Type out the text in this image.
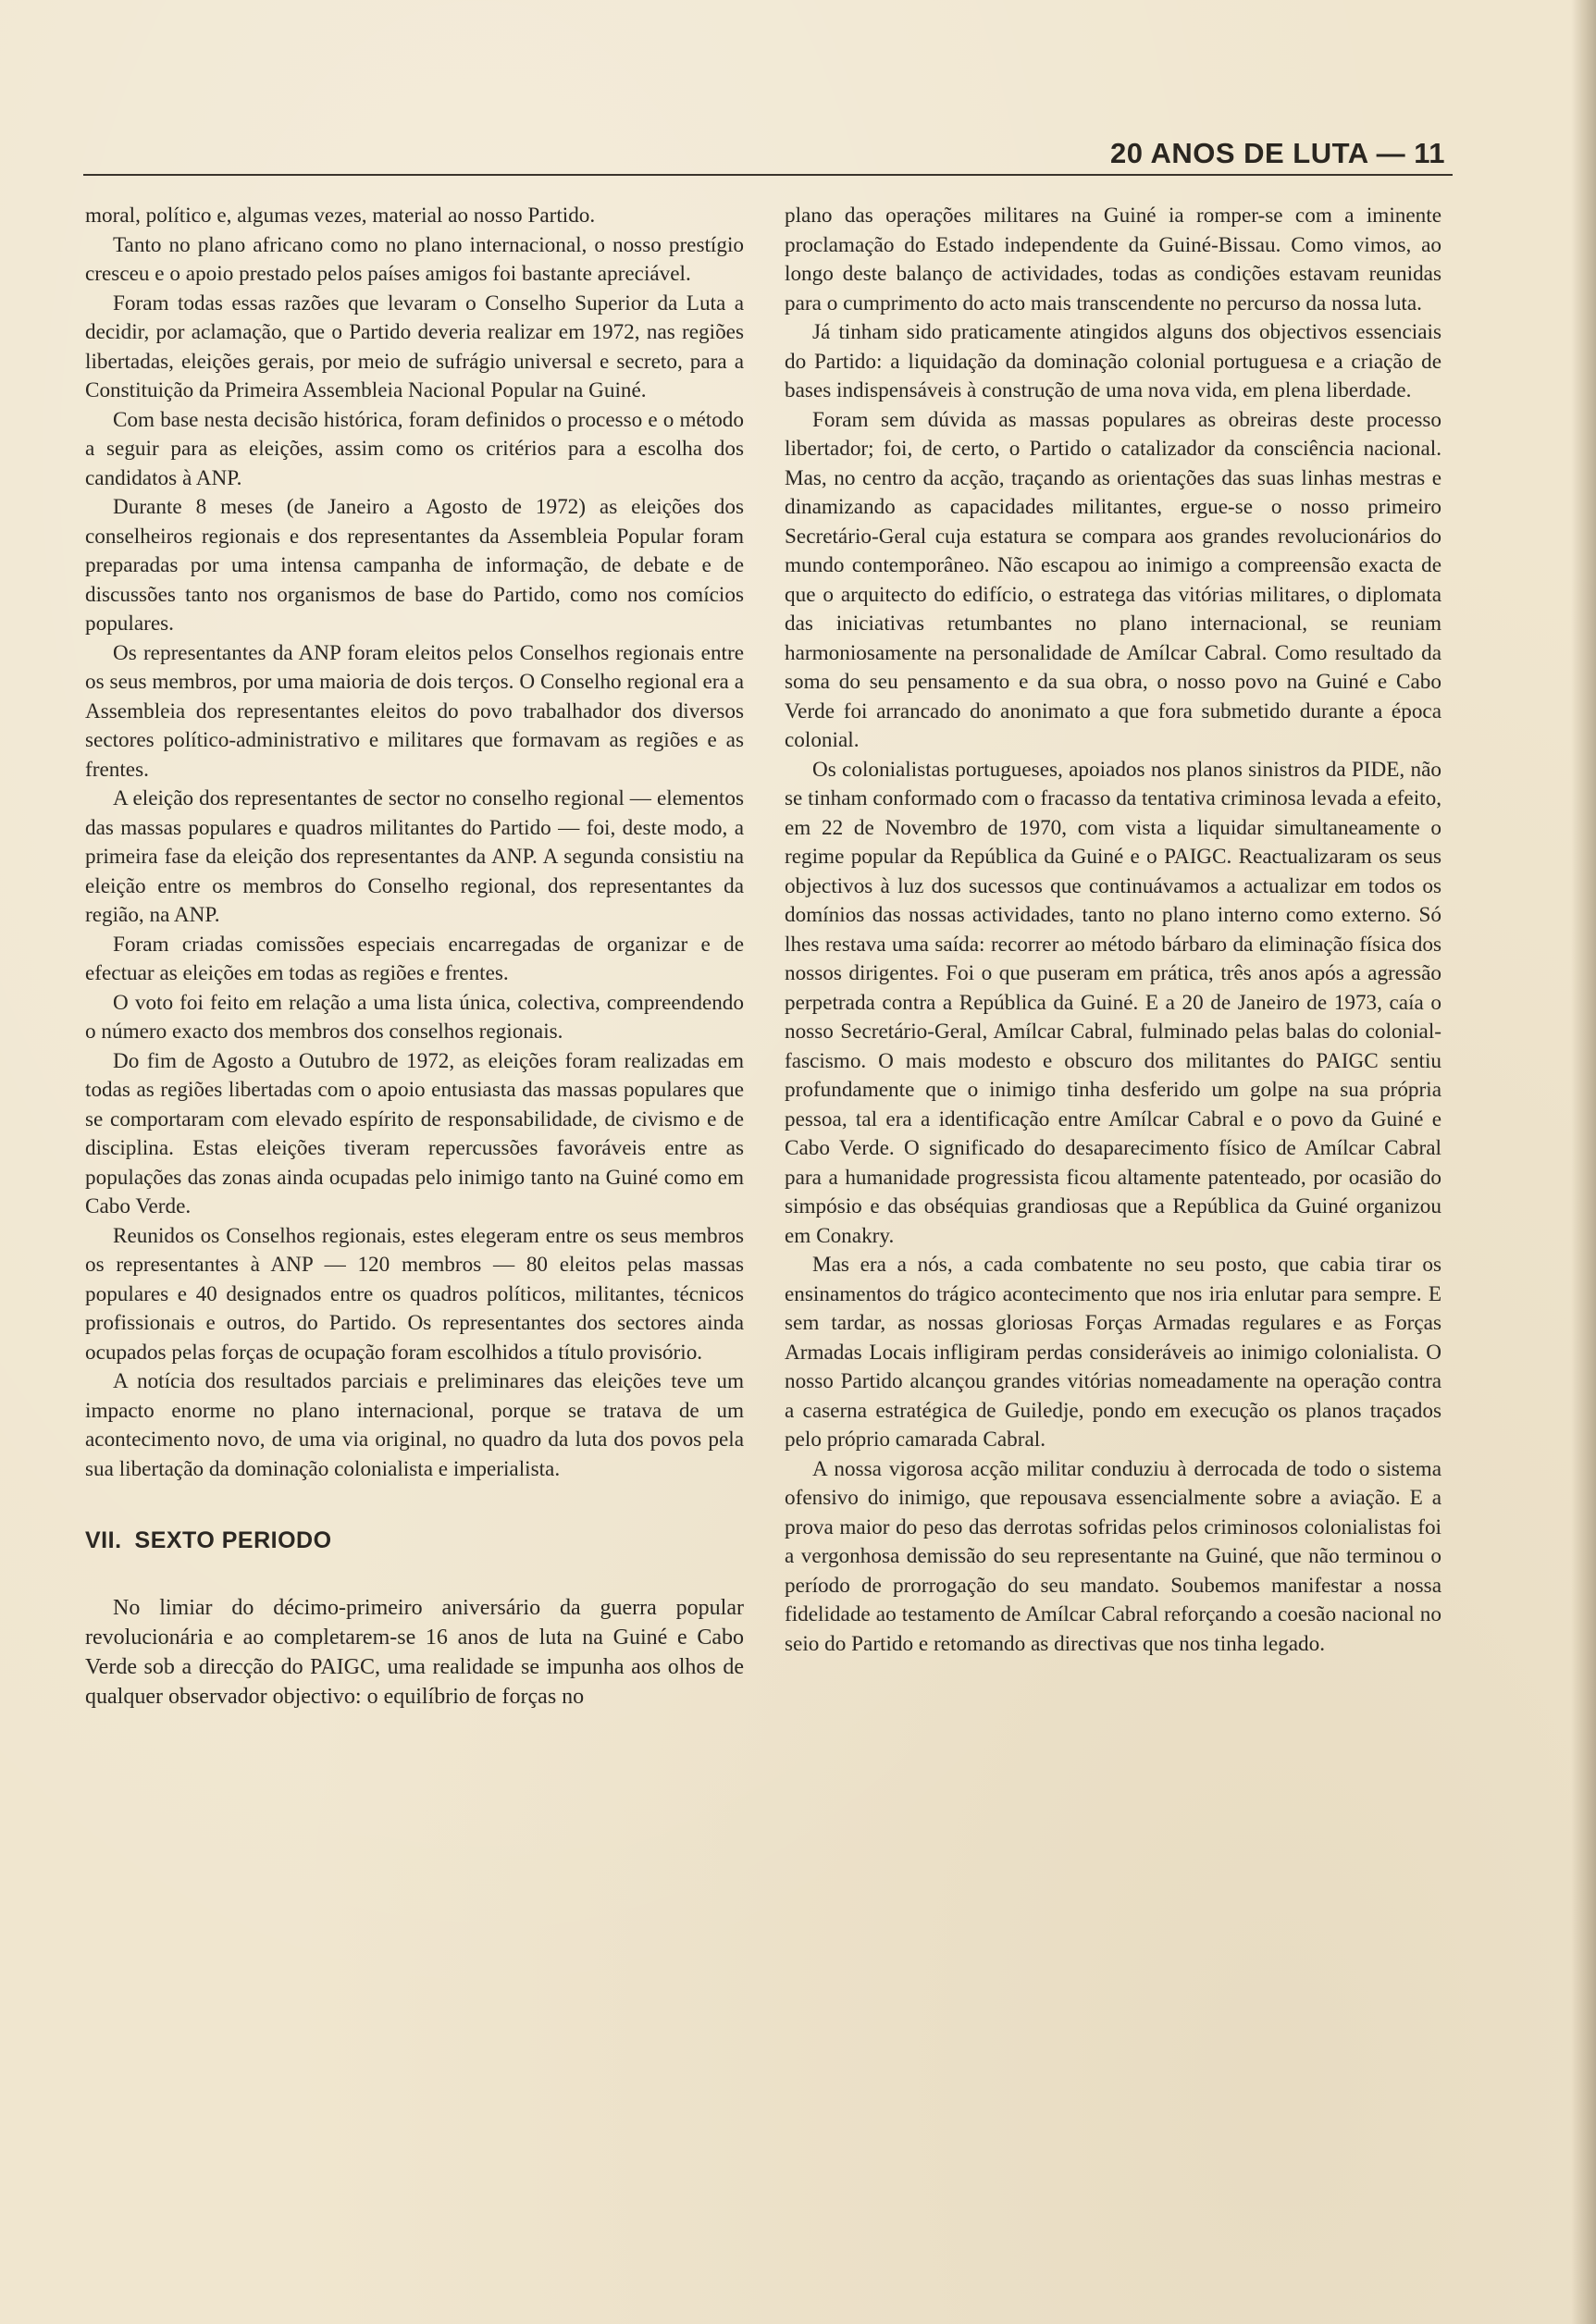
20 ANOS DE LUTA — 11

moral, político e, algumas vezes, material ao nosso Partido.

Tanto no plano africano como no plano internacional, o nosso prestígio cresceu e o apoio prestado pelos países amigos foi bastante apreciável.

Foram todas essas razões que levaram o Conselho Superior da Luta a decidir, por aclamação, que o Partido deveria realizar em 1972, nas regiões libertadas, eleições gerais, por meio de sufrágio universal e secreto, para a Constituição da Primeira Assembleia Nacional Popular na Guiné.

Com base nesta decisão histórica, foram definidos o processo e o método a seguir para as eleições, assim como os critérios para a escolha dos candidatos à ANP.

Durante 8 meses (de Janeiro a Agosto de 1972) as eleições dos conselheiros regionais e dos representantes da Assembleia Popular foram preparadas por uma intensa campanha de informação, de debate e de discussões tanto nos organismos de base do Partido, como nos comícios populares.

Os representantes da ANP foram eleitos pelos Conselhos regionais entre os seus membros, por uma maioria de dois terços. O Conselho regional era a Assembleia dos representantes eleitos do povo trabalhador dos diversos sectores político-administrativo e militares que formavam as regiões e as frentes.

A eleição dos representantes de sector no conselho regional — elementos das massas populares e quadros militantes do Partido — foi, deste modo, a primeira fase da eleição dos representantes da ANP. A segunda consistiu na eleição entre os membros do Conselho regional, dos representantes da região, na ANP.

Foram criadas comissões especiais encarregadas de organizar e de efectuar as eleições em todas as regiões e frentes.

O voto foi feito em relação a uma lista única, colectiva, compreendendo o número exacto dos membros dos conselhos regionais.

Do fim de Agosto a Outubro de 1972, as eleições foram realizadas em todas as regiões libertadas com o apoio entusiasta das massas populares que se comportaram com elevado espírito de responsabilidade, de civismo e de disciplina. Estas eleições tiveram repercussões favoráveis entre as populações das zonas ainda ocupadas pelo inimigo tanto na Guiné como em Cabo Verde.

Reunidos os Conselhos regionais, estes elegeram entre os seus membros os representantes à ANP — 120 membros — 80 eleitos pelas massas populares e 40 designados entre os quadros políticos, militantes, técnicos profissionais e outros, do Partido. Os representantes dos sectores ainda ocupados pelas forças de ocupação foram escolhidos a título provisório.

A notícia dos resultados parciais e preliminares das eleições teve um impacto enorme no plano internacional, porque se tratava de um acontecimento novo, de uma via original, no quadro da luta dos povos pela sua libertação da dominação colonialista e imperialista.

VII. SEXTO PERIODO

No limiar do décimo-primeiro aniversário da guerra popular revolucionária e ao completarem-se 16 anos de luta na Guiné e Cabo Verde sob a direcção do PAIGC, uma realidade se impunha aos olhos de qualquer observador objectivo: o equilíbrio de forças no

plano das operações militares na Guiné ia romper-se com a iminente proclamação do Estado independente da Guiné-Bissau. Como vimos, ao longo deste balanço de actividades, todas as condições estavam reunidas para o cumprimento do acto mais transcendente no percurso da nossa luta.

Já tinham sido praticamente atingidos alguns dos objectivos essenciais do Partido: a liquidação da dominação colonial portuguesa e a criação de bases indispensáveis à construção de uma nova vida, em plena liberdade.

Foram sem dúvida as massas populares as obreiras deste processo libertador; foi, de certo, o Partido o catalizador da consciência nacional. Mas, no centro da acção, traçando as orientações das suas linhas mestras e dinamizando as capacidades militantes, ergue-se o nosso primeiro Secretário-Geral cuja estatura se compara aos grandes revolucionários do mundo contemporâneo. Não escapou ao inimigo a compreensão exacta de que o arquitecto do edifício, o estratega das vitórias militares, o diplomata das iniciativas retumbantes no plano internacional, se reuniam harmoniosamente na personalidade de Amílcar Cabral. Como resultado da soma do seu pensamento e da sua obra, o nosso povo na Guiné e Cabo Verde foi arrancado do anonimato a que fora submetido durante a época colonial.

Os colonialistas portugueses, apoiados nos planos sinistros da PIDE, não se tinham conformado com o fracasso da tentativa criminosa levada a efeito, em 22 de Novembro de 1970, com vista a liquidar simultaneamente o regime popular da República da Guiné e o PAIGC. Reactualizaram os seus objectivos à luz dos sucessos que continuávamos a actualizar em todos os domínios das nossas actividades, tanto no plano interno como externo. Só lhes restava uma saída: recorrer ao método bárbaro da eliminação física dos nossos dirigentes. Foi o que puseram em prática, três anos após a agressão perpetrada contra a República da Guiné. E a 20 de Janeiro de 1973, caía o nosso Secretário-Geral, Amílcar Cabral, fulminado pelas balas do colonial-fascismo. O mais modesto e obscuro dos militantes do PAIGC sentiu profundamente que o inimigo tinha desferido um golpe na sua própria pessoa, tal era a identificação entre Amílcar Cabral e o povo da Guiné e Cabo Verde. O significado do desaparecimento físico de Amílcar Cabral para a humanidade progressista ficou altamente patenteado, por ocasião do simpósio e das obséquias grandiosas que a República da Guiné organizou em Conakry.

Mas era a nós, a cada combatente no seu posto, que cabia tirar os ensinamentos do trágico acontecimento que nos iria enlutar para sempre. E sem tardar, as nossas gloriosas Forças Armadas regulares e as Forças Armadas Locais infligiram perdas consideráveis ao inimigo colonialista. O nosso Partido alcançou grandes vitórias nomeadamente na operação contra a caserna estratégica de Guiledje, pondo em execução os planos traçados pelo próprio camarada Cabral.

A nossa vigorosa acção militar conduziu à derrocada de todo o sistema ofensivo do inimigo, que repousava essencialmente sobre a aviação. E a prova maior do peso das derrotas sofridas pelos criminosos colonialistas foi a vergonhosa demissão do seu representante na Guiné, que não terminou o período de prorrogação do seu mandato. Soubemos manifestar a nossa fidelidade ao testamento de Amílcar Cabral reforçando a coesão nacional no seio do Partido e retomando as directivas que nos tinha legado.
